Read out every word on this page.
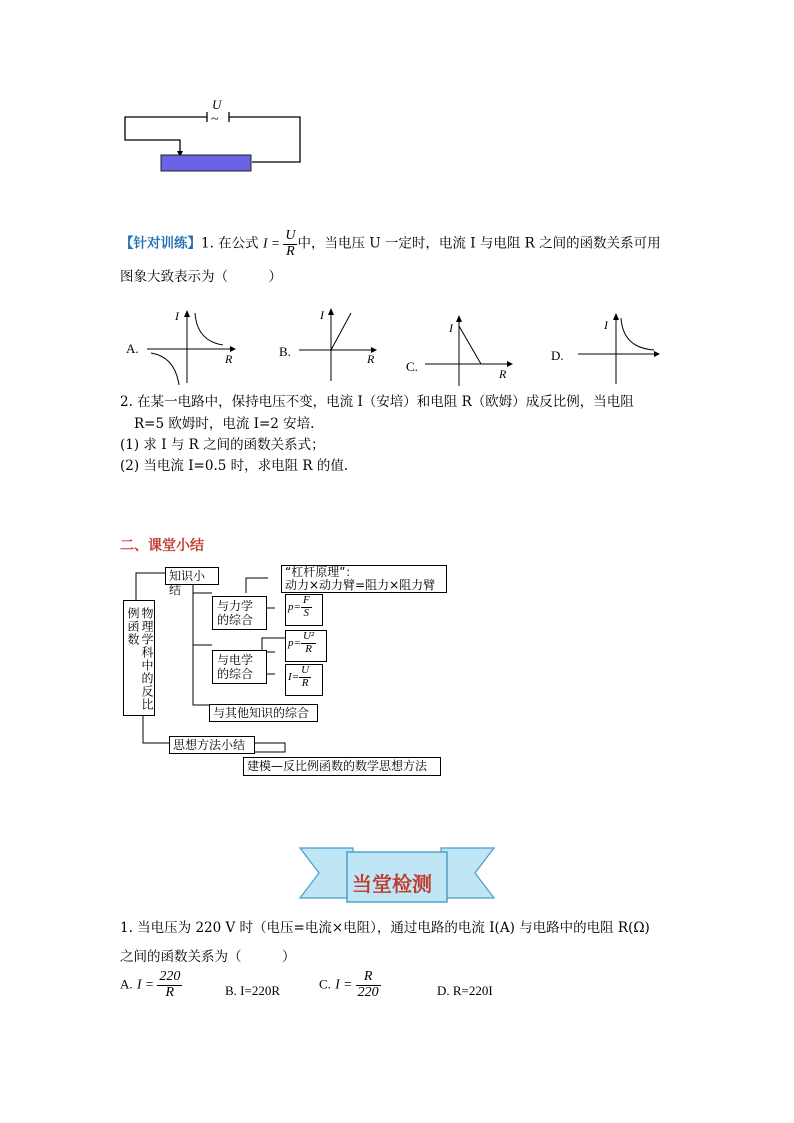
U
~
【针对训练】1. 在公式 $I = \frac{U}{R}$ 中，当电压 U 一定时，电流 I 与电阻 R 之间的函数关系可用
图象大致表示为（　　　）
A.
I
R	B.
I
R C.
I
R
D.
I
2. 在某一电路中，保持电压不变，电流 I（安培）和电阻 R（欧姆）成反比例，当电阻
R=5 欧姆时，电流 I=2 安培.
(1) 求 I 与 R 之间的函数关系式；
(2) 当电流 I=0.5 时，求电阻 R 的值.
二、课堂小结
例函数 物理学科中的反比
知识小结
与力学的综合
“杠杆原理”：
动力×动力臂=阻力×阻力臂
$p= \frac{F}{S}$
与电学的综合
$p= \frac{\text{U²}}{R}$
$I= \frac{U}{R}$
与其他知识的综合
思想方法小结
建模—反比例函数的数学思想方法
当堂检测
1. 当电压为 220 V 时（电压=电流×电阻），通过电路的电流 I(A) 与电路中的电阻 R(Ω)
之间的函数关系为（　　　）
A. $I = \frac{220}{R}$	B. I=220R	C. $I = \frac{R}{220}$	D. R=220I
